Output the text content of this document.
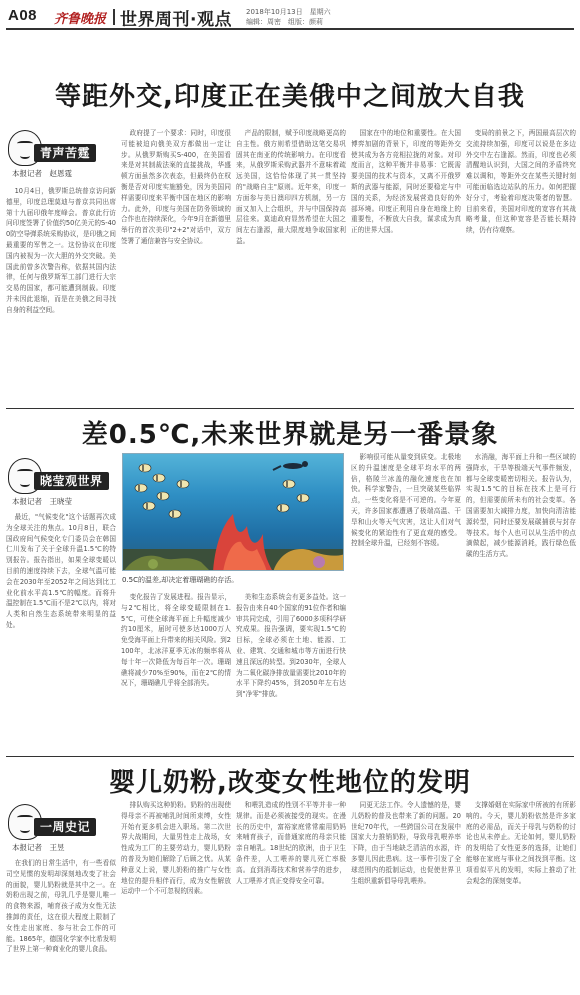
A08 齐鲁晚报 世界周刊·观点 2018年10月13日　星期六
编辑：周密　组版：颜莉
等距外交,印度正在美俄中之间放大自我
青声苦霆
本报记者　赵恩霆
10月4日，俄罗斯总统普京访问新德里，印度总理莫迪与普京共同出席第十九届印俄年度峰会。普京此行访问印度签署了价值约50亿美元的S-400防空导弹系统采购协议，是印俄之间最重要的军售之一。这份协议在印度国内被视为一次大胆的外交突破。美国此前曾多次警告称，依据其国内法律，任何与俄罗斯军工部门进行大宗交易的国家，都可能遭到制裁。印度并未因此退缩，而是在美俄之间寻找自身的利益空间。
政府提了一个要求：同时，印度很可能被迫向俄美双方都做出一定让步。从俄罗斯购买S-400，在美国看来是对其制裁法案的直接挑战，华盛顿方面虽然多次表态，但最终仍在权衡是否对印度实施豁免，因为美国同样需要印度来平衡中国在地区的影响力。此外，印度与美国在防务领域的合作也在持续深化，今年9月在新德里举行的首次美印"2+2"对话中，双方签署了通信兼容与安全协议。
产品的限制，赋予印度战略更高的自主性。俄方则希望借助这笔交易巩固其在南亚的传统影响力。在印度看来，从俄罗斯采购武器并不意味着疏远美国，这恰恰体现了其一贯坚持的"战略自主"原则。近年来，印度一方面参与美日澳印四方机制，另一方面又加入上合组织，并与中国保持高层往来。莫迪政府显然希望在大国之间左右逢源，最大限度地争取国家利益。
国家在中的地位和重要性。在大国博弈加剧的背景下，印度的等距外交使其成为各方竞相拉拢的对象。对印度而言，这种平衡并非易事：它既需要美国的技术与资本，又离不开俄罗斯的武器与能源，同时还要稳定与中国的关系，为经济发展营造良好的外部环境。印度正利用自身在地缘上的重要性，不断放大自我，谋求成为真正的世界大国。
变局的前景之下，两国最高层次的交流持续加强，印度可以说是在多边外交中左右逢源。然而，印度也必须清醒地认识到，大国之间的矛盾终究难以调和，等距外交在某些关键时刻可能面临选边站队的压力。如何把握好分寸，考验着印度决策者的智慧。目前来看，美国对印度的宽容有其战略考量，但这种宽容是否能长期持续，仍有待观察。
差0.5℃,未来世界就是另一番景象
晓莹观世界
本报记者　王晓莹
最近，"气候变化"这个话题再次成为全球关注的焦点。10月8日，联合国政府间气候变化专门委员会在韩国仁川发布了关于全球升温1.5℃的特别报告。报告指出，如果全球变暖以目前的速度持续下去，全球气温可能会在2030年至2052年之间达到比工业化前水平高1.5℃的幅度。而将升温控制在1.5℃而不是2℃以内，将对人类和自然生态系统带来明显的益处。
0.5C的温差,却决定着珊瑚礁的存活。
变化报告了发展进程。报告显示，与2℃相比，将全球变暖限制在1.5℃，可使全球海平面上升幅度减少约10厘米，届时可使多达1000万人免受海平面上升带来的相关风险。到2100年，北冰洋夏季无冰的频率将从每十年一次降低为每百年一次。珊瑚礁将减少70%至90%，而在2℃的情况下，珊瑚礁几乎将全部消失。
美和生态系统会有更多益处。这一报告由来自40个国家的91位作者和编审共同完成，引用了6000多项科学研究成果。报告强调，要实现1.5℃的目标，全球必须在土地、能源、工业、建筑、交通和城市等方面进行快速且深远的转型。到2030年，全球人为二氧化碳净排放量需要比2010年的水平下降约45%，到2050年左右达到"净零"排放。
影响很可能从量变到质变。北极地区的升温速度是全球平均水平的两倍，格陵兰冰盖的融化速度也在加快。科学家警告，一旦突破某些临界点，一些变化将是不可逆的。今年夏天，许多国家都遭遇了极端高温、干旱和山火等天气灾害，这让人们对气候变化的紧迫性有了更直观的感受。控制全球升温，已经刻不容缓。
水消融，海平面上升和一些区域的强降水，干旱等极端天气事件频发，都与全球变暖密切相关。报告认为，实现1.5℃的目标在技术上是可行的，但需要前所未有的社会变革。各国需要加大减排力度，加快向清洁能源转型，同时还要发展碳捕获与封存等技术。每个人也可以从生活中的点滴做起，减少能源消耗，践行绿色低碳的生活方式。
婴儿奶粉,改变女性地位的发明
一周史记
本报记者　王昱
在我们的日常生活中，有一些看似司空见惯的发明却深刻地改变了社会的面貌，婴儿奶粉就是其中之一。在奶粉出现之前，母乳几乎是婴儿唯一的食物来源，哺育孩子成为女性无法推卸的责任，这在很大程度上限制了女性走出家庭、参与社会工作的可能。1865年，德国化学家李比希发明了世界上第一种商业化的婴儿食品。
排队购买这种奶粉。奶粉的出现使得母亲不再被哺乳时间所束缚，女性开始有更多机会进入职场。第二次世界大战期间，大量男性走上战场，女性成为工厂的主要劳动力，婴儿奶粉的普及为她们解除了后顾之忧。从某种意义上说，婴儿奶粉的推广与女性地位的提升相伴而行，成为女性解放运动中一个不可忽视的因素。
和喂乳造成的性别不平等并非一种规律。而是必须被接受的现实。在漫长的历史中，富裕家庭常常雇用奶妈来哺育孩子，而普通家庭的母亲只能亲自哺乳。18世纪的欧洲，由于卫生条件差，人工喂养的婴儿死亡率极高。直到消毒技术和营养学的进步，人工喂养才真正变得安全可靠。
同更无法工作。令人遗憾的是，婴儿奶粉的普及也带来了新的问题。20世纪70年代，一些跨国公司在发展中国家大力推销奶粉，导致母乳喂养率下降，由于当地缺乏清洁的水源，许多婴儿因此患病。这一事件引发了全球范围内的抵制运动，也促使世界卫生组织重新倡导母乳喂养。
支撑婚姻在实际家中所被的有所影响的。今天，婴儿奶粉依然是许多家庭的必需品，而关于母乳与奶粉的讨论也从未停止。无论如何，婴儿奶粉的发明给了女性更多的选择，让她们能够在家庭与事业之间找到平衡。这项看似平凡的发明，实际上推动了社会观念的深刻变革。
